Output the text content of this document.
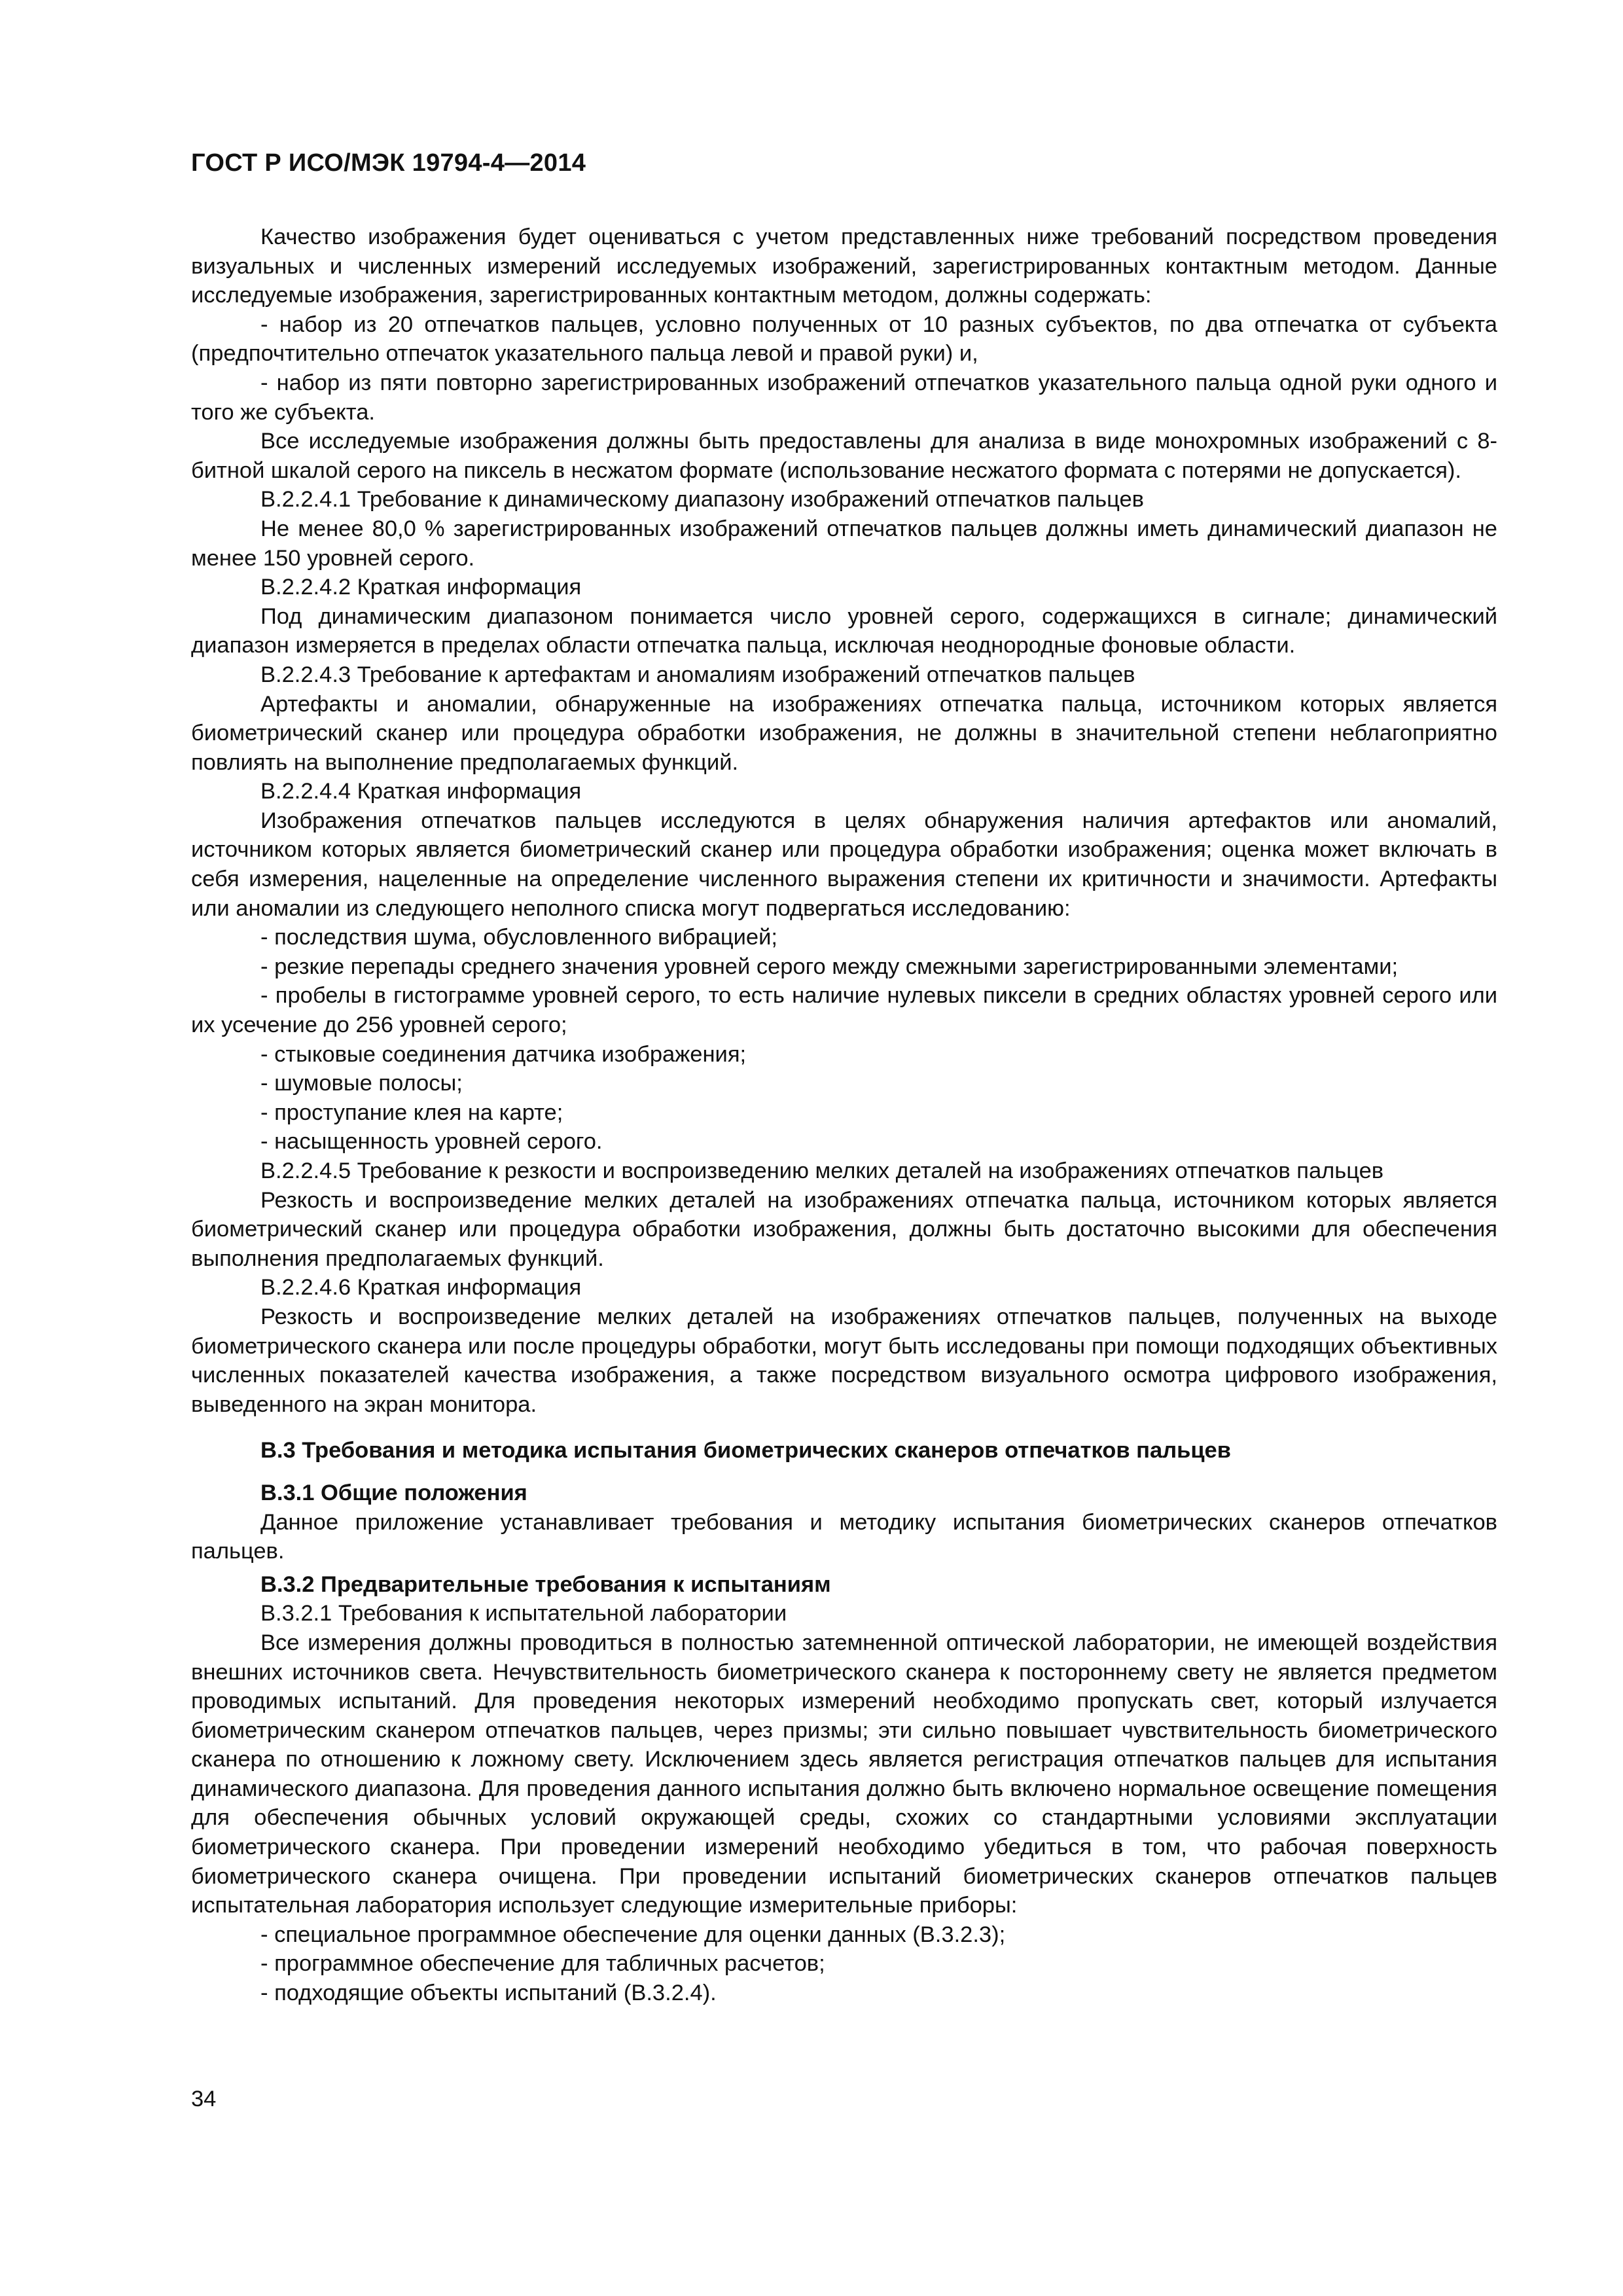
ГОСТ Р ИСО/МЭК 19794-4—2014

Качество изображения будет оцениваться с учетом представленных ниже требований посредством проведения визуальных и численных измерений исследуемых изображений, зарегистрированных контактным методом. Данные исследуемые изображения, зарегистрированных контактным методом, должны содержать:

- набор из 20 отпечатков пальцев, условно полученных от 10 разных субъектов, по два отпечатка от субъекта (предпочтительно отпечаток указательного пальца левой и правой руки) и,

- набор из пяти повторно зарегистрированных изображений отпечатков указательного пальца одной руки одного и того же субъекта.

Все исследуемые изображения должны быть предоставлены для анализа в виде монохромных изображений с 8-битной шкалой серого на пиксель в несжатом формате (использование несжатого формата с потерями не допускается).

В.2.2.4.1 Требование к динамическому диапазону изображений отпечатков пальцев

Не менее 80,0 % зарегистрированных изображений отпечатков пальцев должны иметь динамический диапазон не менее 150 уровней серого.

В.2.2.4.2 Краткая информация

Под динамическим диапазоном понимается число уровней серого, содержащихся в сигнале; динамический диапазон измеряется в пределах области отпечатка пальца, исключая неоднородные фоновые области.

В.2.2.4.3 Требование к артефактам и аномалиям изображений отпечатков пальцев

Артефакты и аномалии, обнаруженные на изображениях отпечатка пальца, источником которых является биометрический сканер или процедура обработки изображения, не должны в значительной степени неблагоприятно повлиять на выполнение предполагаемых функций.

В.2.2.4.4 Краткая информация

Изображения отпечатков пальцев исследуются в целях обнаружения наличия артефактов или аномалий, источником которых является биометрический сканер или процедура обработки изображения; оценка может включать в себя измерения, нацеленные на определение численного выражения степени их критичности и значимости. Артефакты или аномалии из следующего неполного списка могут подвергаться исследованию:

- последствия шума, обусловленного вибрацией;

- резкие перепады среднего значения уровней серого между смежными зарегистрированными элементами;

- пробелы в гистограмме уровней серого, то есть наличие нулевых пиксели в средних областях уровней серого или их усечение до 256 уровней серого;

- стыковые соединения датчика изображения;

- шумовые полосы;

- проступание клея на карте;

- насыщенность уровней серого.

В.2.2.4.5 Требование к резкости и воспроизведению мелких деталей на изображениях отпечатков пальцев

Резкость и воспроизведение мелких деталей на изображениях отпечатка пальца, источником которых является биометрический сканер или процедура обработки изображения, должны быть достаточно высокими для обеспечения выполнения предполагаемых функций.

В.2.2.4.6 Краткая информация

Резкость и воспроизведение мелких деталей на изображениях отпечатков пальцев, полученных на выходе биометрического сканера или после процедуры обработки, могут быть исследованы при помощи подходящих объективных численных показателей качества изображения, а также посредством визуального осмотра цифрового изображения, выведенного на экран монитора.

В.3 Требования и методика испытания биометрических сканеров отпечатков пальцев

В.3.1 Общие положения

Данное приложение устанавливает требования и методику испытания биометрических сканеров отпечатков пальцев.

В.3.2 Предварительные требования к испытаниям

В.3.2.1 Требования к испытательной лаборатории

Все измерения должны проводиться в полностью затемненной оптической лаборатории, не имеющей воздействия внешних источников света. Нечувствительность биометрического сканера к постороннему свету не является предметом проводимых испытаний. Для проведения некоторых измерений необходимо пропускать свет, который излучается биометрическим сканером отпечатков пальцев, через призмы; эти сильно повышает чувствительность биометрического сканера по отношению к ложному свету. Исключением здесь является регистрация отпечатков пальцев для испытания динамического диапазона. Для проведения данного испытания должно быть включено нормальное освещение помещения для обеспечения обычных условий окружающей среды, схожих со стандартными условиями эксплуатации биометрического сканера. При проведении измерений необходимо убедиться в том, что рабочая поверхность биометрического сканера очищена. При проведении испытаний биометрических сканеров отпечатков пальцев испытательная лаборатория использует следующие измерительные приборы:

- специальное программное обеспечение для оценки данных (В.3.2.3);

- программное обеспечение для табличных расчетов;

- подходящие объекты испытаний (В.3.2.4).

34
